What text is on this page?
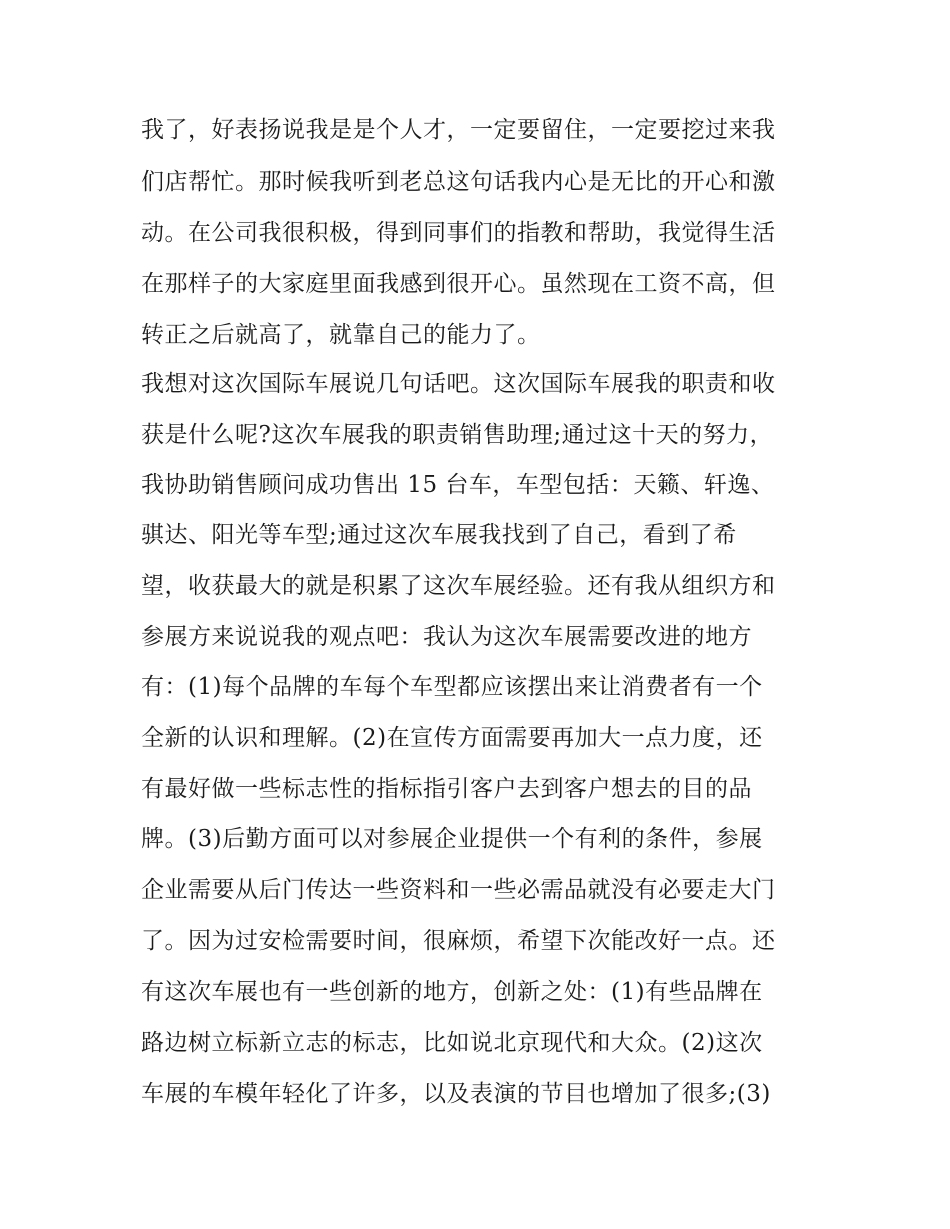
我了，好表扬说我是是个人才，一定要留住，一定要挖过来我
们店帮忙。那时候我听到老总这句话我内心是无比的开心和激
动。在公司我很积极，得到同事们的指教和帮助，我觉得生活
在那样子的大家庭里面我感到很开心。虽然现在工资不高，但
转正之后就高了，就靠自己的能力了。
我想对这次国际车展说几句话吧。这次国际车展我的职责和收
获是什么呢?这次车展我的职责销售助理;通过这十天的努力，
我协助销售顾问成功售出 15 台车，车型包括：天籁、轩逸、
骐达、阳光等车型;通过这次车展我找到了自己，看到了希
望，收获最大的就是积累了这次车展经验。还有我从组织方和
参展方来说说我的观点吧：我认为这次车展需要改进的地方
有：(1)每个品牌的车每个车型都应该摆出来让消费者有一个
全新的认识和理解。(2)在宣传方面需要再加大一点力度，还
有最好做一些标志性的指标指引客户去到客户想去的目的品
牌。(3)后勤方面可以对参展企业提供一个有利的条件，参展
企业需要从后门传达一些资料和一些必需品就没有必要走大门
了。因为过安检需要时间，很麻烦，希望下次能改好一点。还
有这次车展也有一些创新的地方，创新之处：(1)有些品牌在
路边树立标新立志的标志，比如说北京现代和大众。(2)这次
车展的车模年轻化了许多，以及表演的节目也增加了很多;(3)
